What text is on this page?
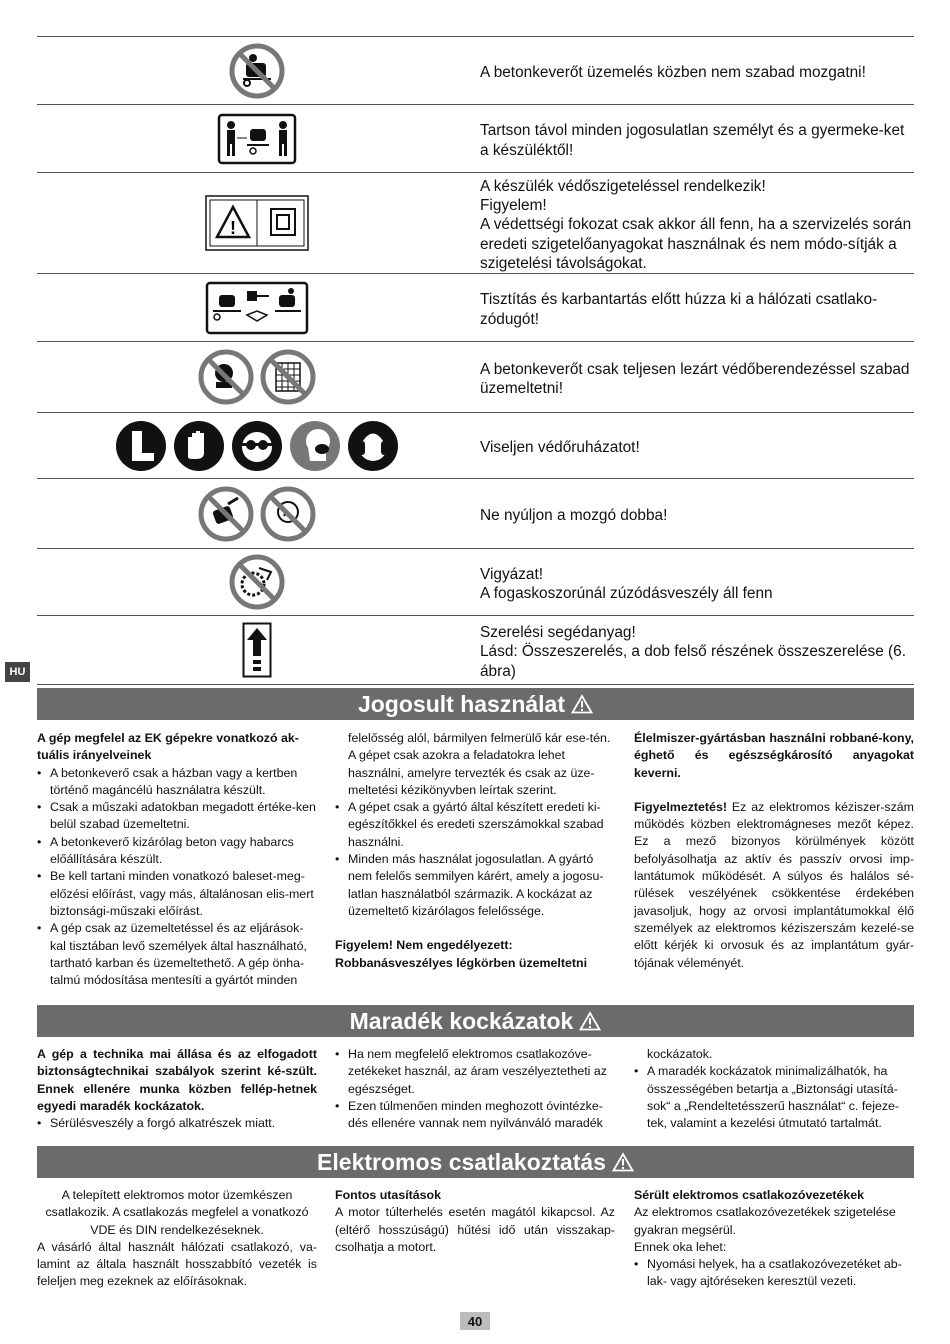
A betonkeverőt üzemelés közben nem szabad mozgatni!
Tartson távol minden jogosulatlan személyt és a gyermeke-ket a készüléktől!
!
A készülék védőszigeteléssel rendelkezik!
Figyelem!
A védettségi fokozat csak akkor áll fenn, ha a szervizelés során eredeti szigetelőanyagokat használnak és nem módo-sítják a szigetelési távolságokat.
Tisztítás és karbantartás előtt húzza ki a hálózati csatlako-zódugót!
A betonkeverőt csak teljesen lezárt védőberendezéssel szabad üzemeltetni!
Viseljen védőruházatot!
Ne nyúljon a mozgó dobba!
Vigyázat!
A fogaskoszorúnál zúzódásveszély áll fenn
Szerelési segédanyag!
Lásd: Összeszerelés, a dob felső részének összeszerelése (6. ábra)
HU
Jogosult használat

A gép megfelel az EK gépekre vonatkozó ak-tuális irányelveinek

• A betonkeverő csak a házban vagy a kertben történő magáncélú használatra készült.
• Csak a műszaki adatokban megadott értéke-ken belül szabad üzemeltetni.
• A betonkeverő kizárólag beton vagy habarcs előállítására készült.
• Be kell tartani minden vonatkozó baleset-meg-előzési előírást, vagy más, általánosan elis-mert biztonsági-műszaki előírást.
• A gép csak az üzemeltetéssel és az eljárások-kal tisztában levő személyek által használható, tartható karban és üzemeltethető. A gép önha-talmú módosítása mentesíti a gyártót minden

felelősség alól, bármilyen felmerülő kár ese-tén. A gépet csak azokra a feladatokra lehet használni, amelyre tervezték és csak az üze-meltetési kézikönyvben leírtak szerint.

• A gépet csak a gyártó által készített eredeti ki-egészítőkkel és eredeti szerszámokkal szabad használni.
• Minden más használat jogosulatlan. A gyártó nem felelős semmilyen kárért, amely a jogosu-latlan használatból származik. A kockázat az üzemeltető kizárólagos felelőssége.

Figyelem! Nem engedélyezett: Robbanásveszélyes légkörben üzemeltetni

Élelmiszer-gyártásban használni robbané-kony, éghető és egészségkárosító anyagokat keverni.

Figyelmeztetés! Ez az elektromos kéziszer-szám működés közben elektromágneses mezőt képez. Ez a mező bizonyos körülmények között befolyásolhatja az aktív és passzív orvosi imp-lantátumok működését. A súlyos és halálos sé-rülések veszélyének csökkentése érdekében javasoljuk, hogy az orvosi implantátumokkal élő személyek az elektromos kéziszerszám kezelé-se előtt kérjék ki orvosuk és az implantátum gyár-tójának véleményét.

Maradék kockázatok

A gép a technika mai állása és az elfogadott biztonságtechnikai szabályok szerint ké-szült. Ennek ellenére munka közben fellép-hetnek egyedi maradék kockázatok.

• Sérülésveszély a forgó alkatrészek miatt.
• Ha nem megfelelő elektromos csatlakozóve-zetékeket használ, az áram veszélyeztetheti az egészséget.
• Ezen túlmenően minden meghozott óvintézke-dés ellenére vannak nem nyilvánváló maradék

kockázatok.

• A maradék kockázatok minimalizálhatók, ha összességében betartja a „Biztonsági utasítá-sok“ a „Rendeltetésszerű használat“ c. fejeze-tek, valamint a kezelési útmutató tartalmát.
Elektromos csatlakoztatás

A telepített elektromos motor üzemkészen csatlakozik. A csatlakozás megfelel a vonatkozó VDE és DIN rendelkezéseknek.

A vásárló által használt hálózati csatlakozó, va-lamint az általa használt hosszabbító vezeték is feleljen meg ezeknek az előírásoknak.

Fontos utasítások

A motor túlterhelés esetén magától kikapcsol. Az (eltérő hosszúságú) hűtési idő után visszakap-csolhatja a motort.

Sérült elektromos csatlakozóvezetékek

Az elektromos csatlakozóvezetékek szigetelése gyakran megsérül.

Ennek oka lehet:

• Nyomási helyek, ha a csatlakozóvezetéket ab-lak- vagy ajtóréseken keresztül vezeti.
40
